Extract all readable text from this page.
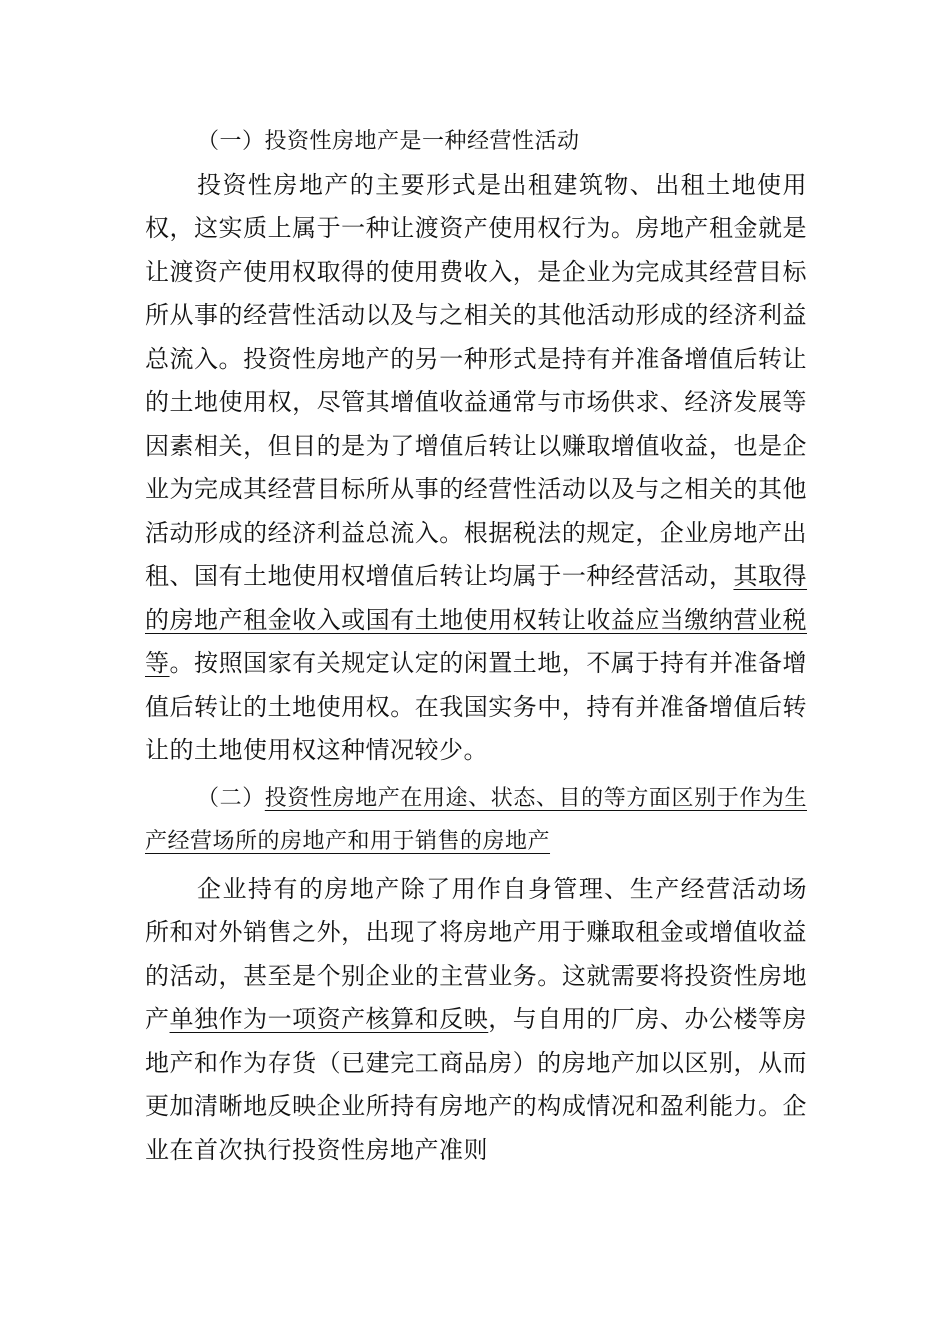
（一）投资性房地产是一种经营性活动

投资性房地产的主要形式是出租建筑物、出租土地使用权，这实质上属于一种让渡资产使用权行为。房地产租金就是让渡资产使用权取得的使用费收入，是企业为完成其经营目标所从事的经营性活动以及与之相关的其他活动形成的经济利益总流入。投资性房地产的另一种形式是持有并准备增值后转让的土地使用权，尽管其增值收益通常与市场供求、经济发展等因素相关，但目的是为了增值后转让以赚取增值收益，也是企业为完成其经营目标所从事的经营性活动以及与之相关的其他活动形成的经济利益总流入。根据税法的规定，企业房地产出租、国有土地使用权增值后转让均属于一种经营活动，其取得的房地产租金收入或国有土地使用权转让收益应当缴纳营业税等。按照国家有关规定认定的闲置土地，不属于持有并准备增值后转让的土地使用权。在我国实务中，持有并准备增值后转让的土地使用权这种情况较少。

（二）投资性房地产在用途、状态、目的等方面区别于作为生产经营场所的房地产和用于销售的房地产

企业持有的房地产除了用作自身管理、生产经营活动场所和对外销售之外，出现了将房地产用于赚取租金或增值收益的活动，甚至是个别企业的主营业务。这就需要将投资性房地产单独作为一项资产核算和反映，与自用的厂房、办公楼等房地产和作为存货（已建完工商品房）的房地产加以区别，从而更加清晰地反映企业所持有房地产的构成情况和盈利能力。企业在首次执行投资性房地产准则
